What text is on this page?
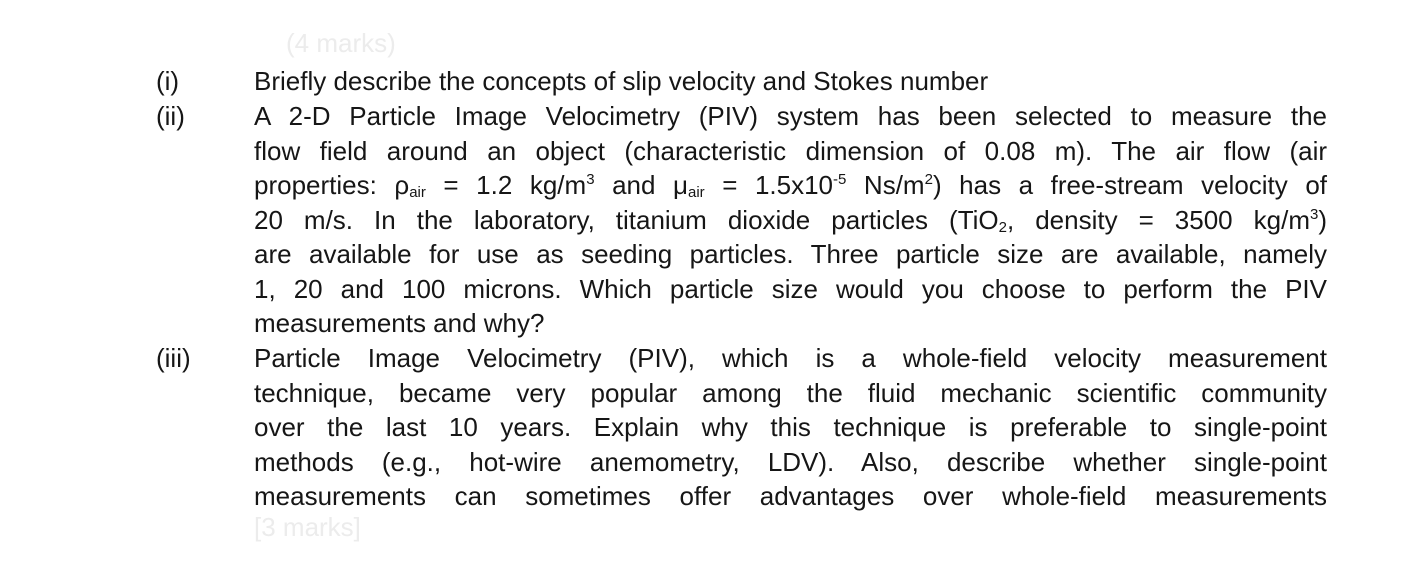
(4 marks)
(i)	Briefly describe the concepts of slip velocity and Stokes number
(ii)	A 2-D Particle Image Velocimetry (PIV) system has been selected to measure the
flow field around an object (characteristic dimension of 0.08 m). The air flow (air
properties: $\rho_{air} = 1.2$ $kg/m^3$ and $\mu_{air} = 1.5x10^{-5}$ $Ns/m^2$) has a free-stream velocity of
20 m/s. In the laboratory, titanium dioxide particles (TiO$_2$, density = 3500 $kg/m^3$)
are available for use as seeding particles. Three particle size are available, namely
1, 20 and 100 microns. Which particle size would you choose to perform the PIV
measurements and why?
(iii) Particle Image Velocimetry (PIV), which is a whole-field velocity measurement
technique, became very popular among the fluid mechanic scientific community
over the last 10 years. Explain why this technique is preferable to single-point
methods (e.g., hot-wire anemometry, LDV). Also, describe whether single-point
measurements can sometimes offer advantages over whole-field measurements
[3 marks]
